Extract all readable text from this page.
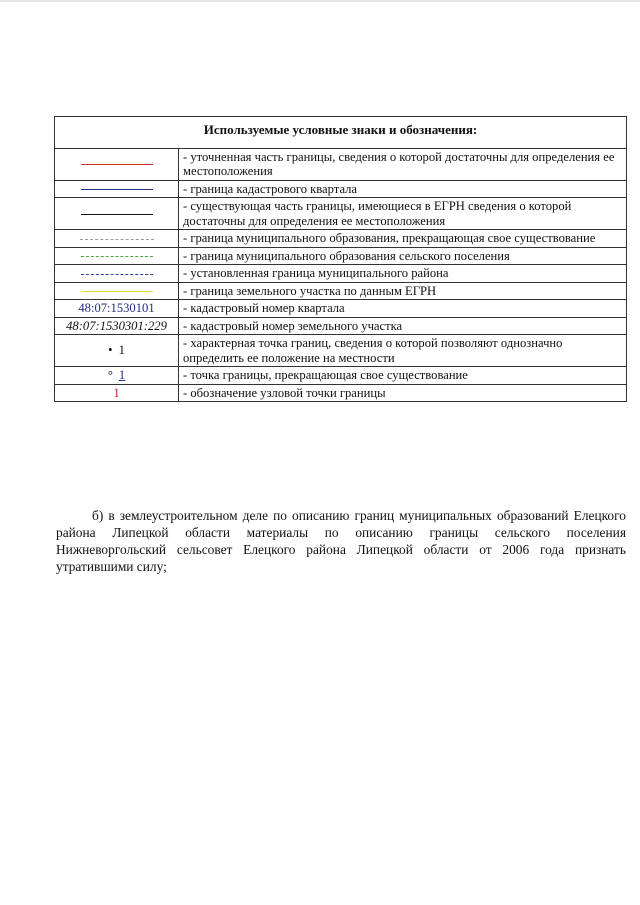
Используемые условные знаки и обозначения:	
	- уточненная часть границы, сведения о которой достаточны для определения ее местоположения
	- граница кадастрового квартала
	- существующая часть границы, имеющиеся в ЕГРН сведения о которой достаточны для определения ее местоположения
	- граница муниципального образования, прекращающая свое существование
	- граница муниципального образования сельского поселения
	- установленная граница муниципального района
	- граница земельного участка по данным ЕГРН
48:07:1530101	- кадастровый номер квартала
48:07:1530301:229	- кадастровый номер земельного участка
• 1	- характерная точка границ, сведения о которой позволяют однозначно определить ее положение на местности
° 1	- точка границы, прекращающая свое существование
1	- обозначение узловой точки границы

б) в землеустроительном деле по описанию границ муниципальных образований Елецкого района Липецкой области материалы по описанию границы сельского поселения Нижневоргольский сельсовет Елецкого района Липецкой области от 2006 года признать утратившими силу;
